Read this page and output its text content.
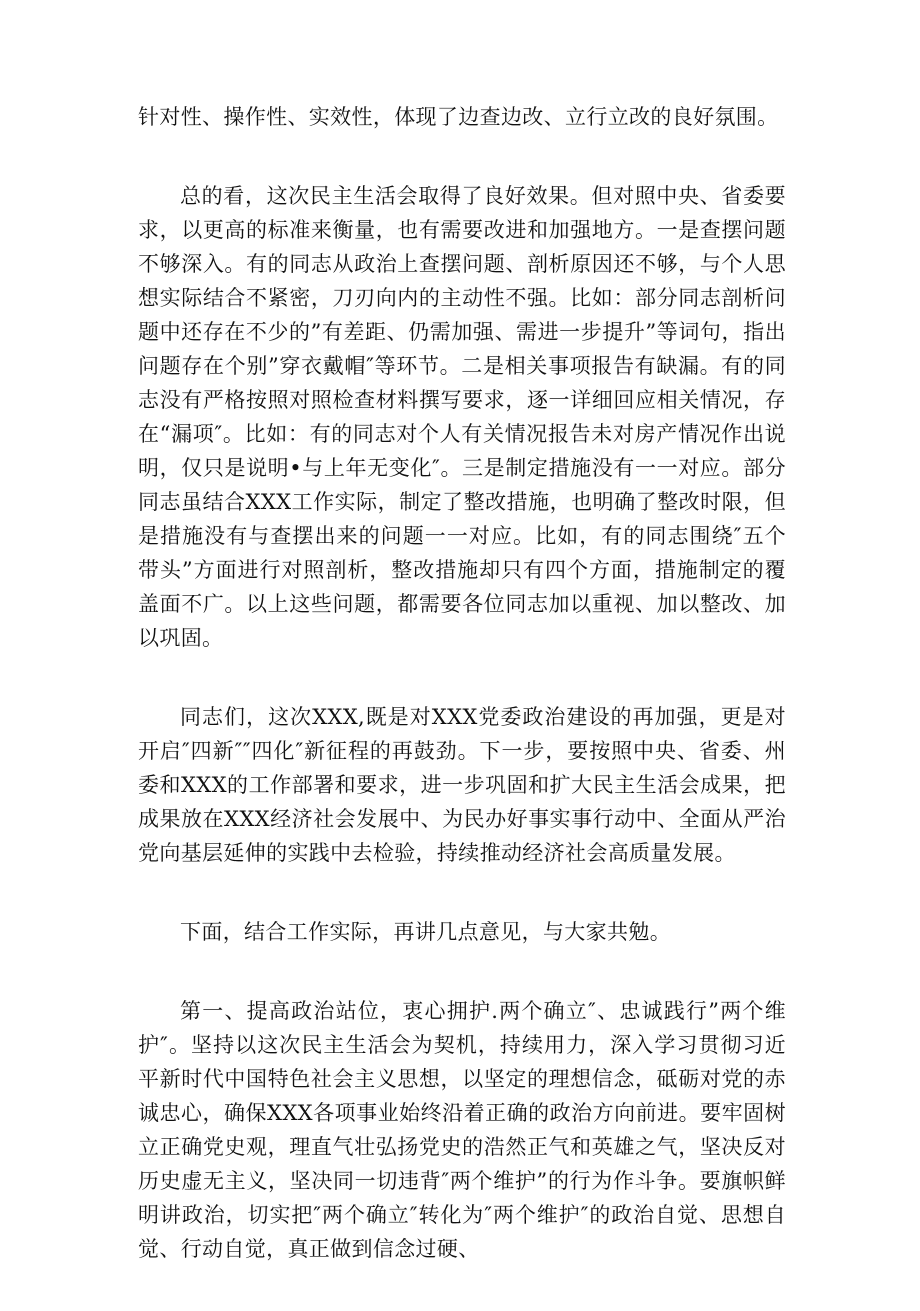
针对性、操作性、实效性，体现了边查边改、立行立改的良好氛围。

总的看，这次民主生活会取得了良好效果。但对照中央、省委要求，以更高的标准来衡量，也有需要改进和加强地方。一是查摆问题不够深入。有的同志从政治上查摆问题、剖析原因还不够，与个人思想实际结合不紧密，刀刃向内的主动性不强。比如：部分同志剖析问题中还存在不少的”有差距、仍需加强、需进一步提升”等词句，指出问题存在个别”穿衣戴帽″等环节。二是相关事项报告有缺漏。有的同志没有严格按照对照检查材料撰写要求，逐一详细回应相关情况，存在“漏项″。比如：有的同志对个人有关情况报告未对房产情况作出说明，仅只是说明•与上年无变化″。三是制定措施没有一一对应。部分同志虽结合XXX工作实际，制定了整改措施，也明确了整改时限，但是措施没有与查摆出来的问题一一对应。比如，有的同志围绕″五个带头”方面进行对照剖析，整改措施却只有四个方面，措施制定的覆盖面不广。以上这些问题，都需要各位同志加以重视、加以整改、加以巩固。

同志们，这次XXX,既是对XXX党委政治建设的再加强，更是对开启″四新″″四化″新征程的再鼓劲。下一步，要按照中央、省委、州委和XXX的工作部署和要求，进一步巩固和扩大民主生活会成果，把成果放在XXX经济社会发展中、为民办好事实事行动中、全面从严治党向基层延伸的实践中去检验，持续推动经济社会高质量发展。

下面，结合工作实际，再讲几点意见，与大家共勉。

第一、提高政治站位，衷心拥护.两个确立″、忠诚践行”两个维护″。坚持以这次民主生活会为契机，持续用力，深入学习贯彻习近平新时代中国特色社会主义思想，以坚定的理想信念，砥砺对党的赤诚忠心，确保XXX各项事业始终沿着正确的政治方向前进。要牢固树立正确党史观，理直气壮弘扬党史的浩然正气和英雄之气，坚决反对历史虚无主义，坚决同一切违背″两个维护”的行为作斗争。要旗帜鲜明讲政治，切实把″两个确立″转化为″两个维护″的政治自觉、思想自觉、行动自觉，真正做到信念过硬、
